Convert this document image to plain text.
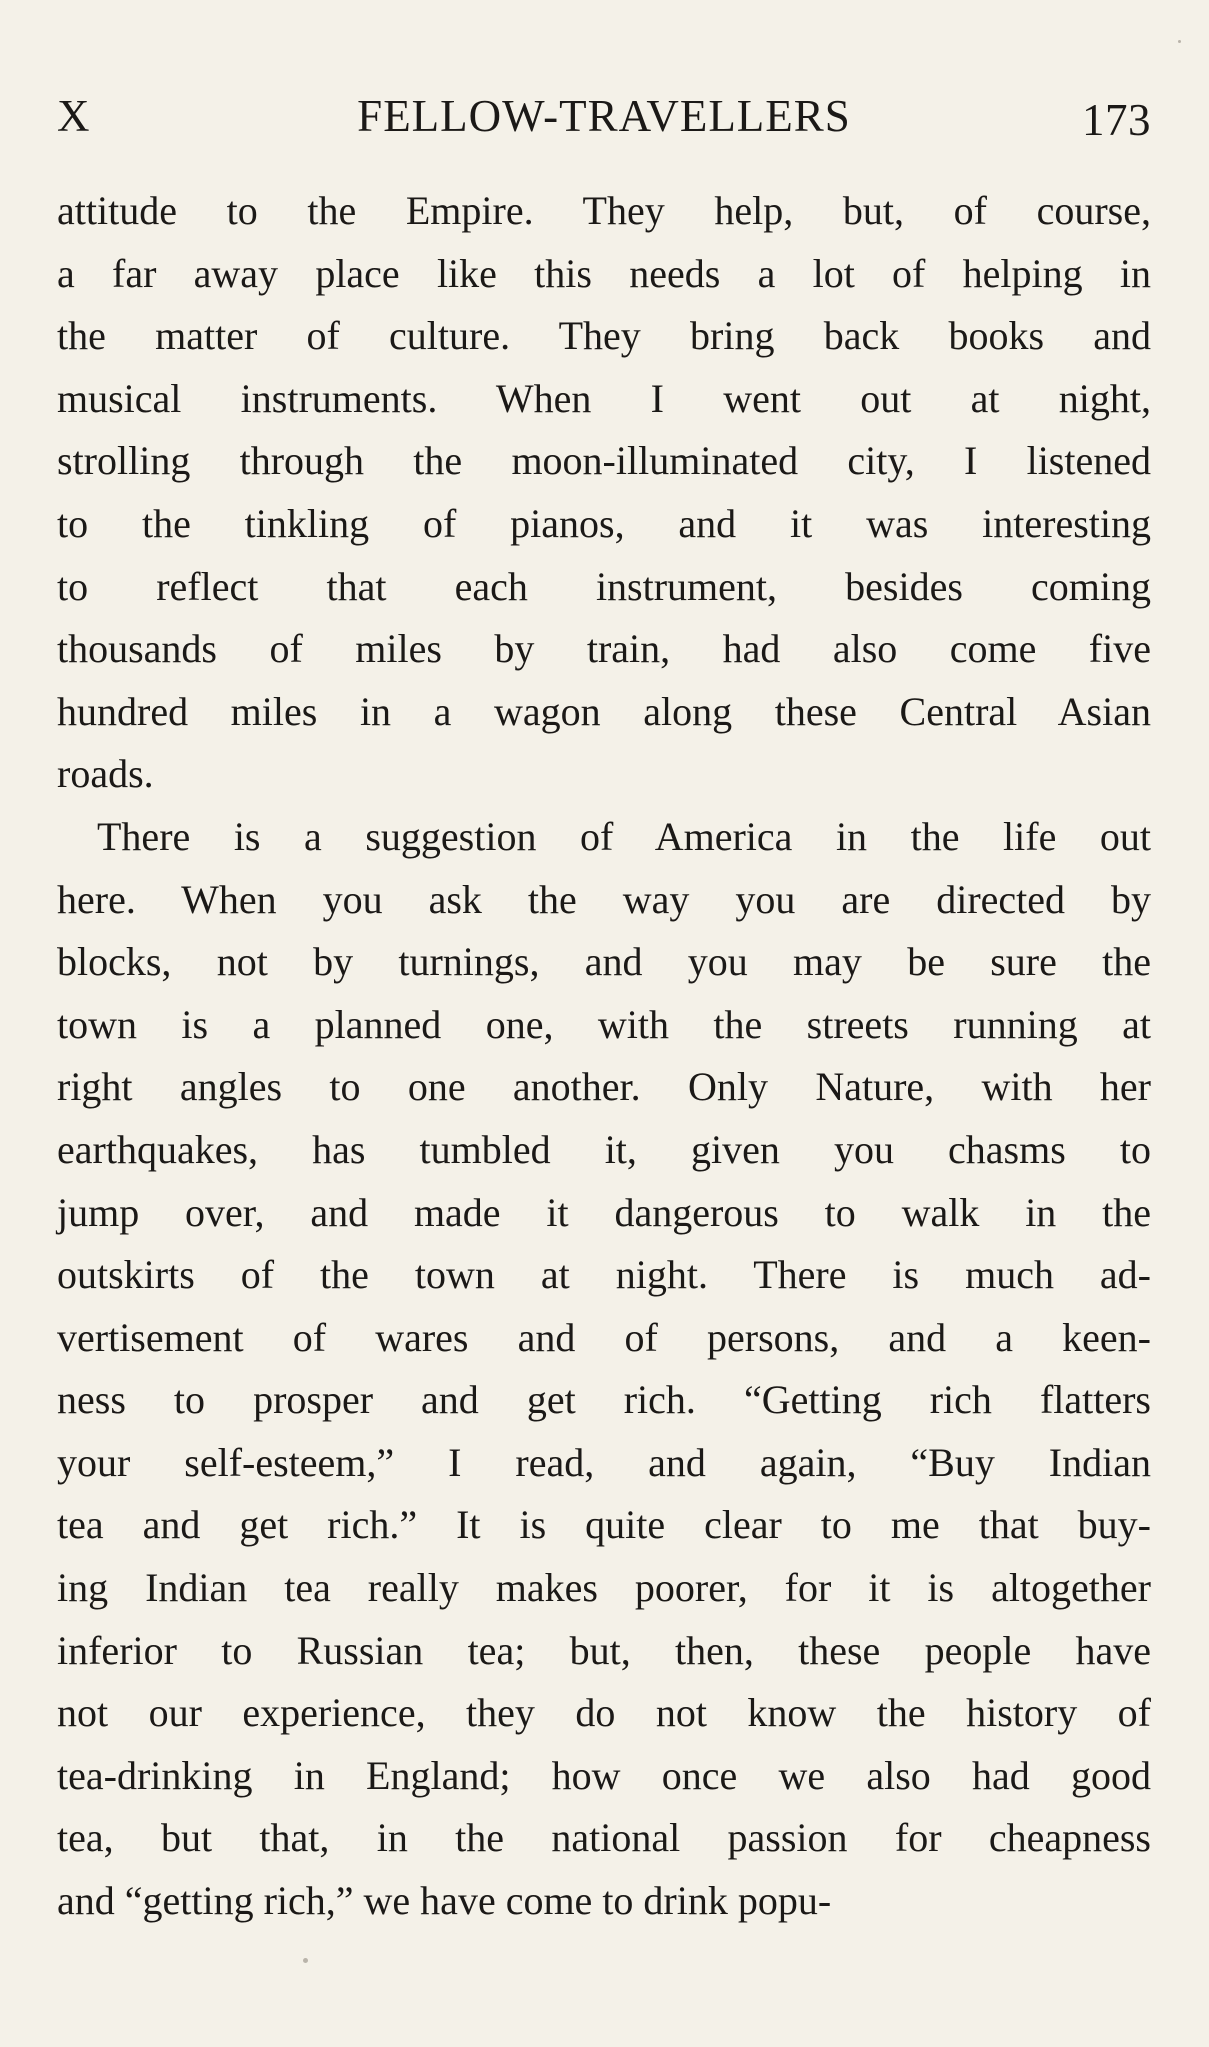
X	FELLOW-TRAVELLERS	173
attitude to the Empire. They help, but, of course,
a far away place like this needs a lot of helping in
the matter of culture. They bring back books and
musical instruments. When I went out at night,
strolling through the moon-illuminated city, I listened
to the tinkling of pianos, and it was interesting
to reflect that each instrument, besides coming
thousands of miles by train, had also come five
hundred miles in a wagon along these Central Asian
roads.
There is a suggestion of America in the life out
here. When you ask the way you are directed by
blocks, not by turnings, and you may be sure the
town is a planned one, with the streets running at
right angles to one another. Only Nature, with her
earthquakes, has tumbled it, given you chasms to
jump over, and made it dangerous to walk in the
outskirts of the town at night. There is much ad-
vertisement of wares and of persons, and a keen-
ness to prosper and get rich. “Getting rich flatters
your self-esteem,” I read, and again, “Buy Indian
tea and get rich.” It is quite clear to me that buy-
ing Indian tea really makes poorer, for it is altogether
inferior to Russian tea; but, then, these people have
not our experience, they do not know the history of
tea-drinking in England; how once we also had good
tea, but that, in the national passion for cheapness
and “getting rich,” we have come to drink popu-
